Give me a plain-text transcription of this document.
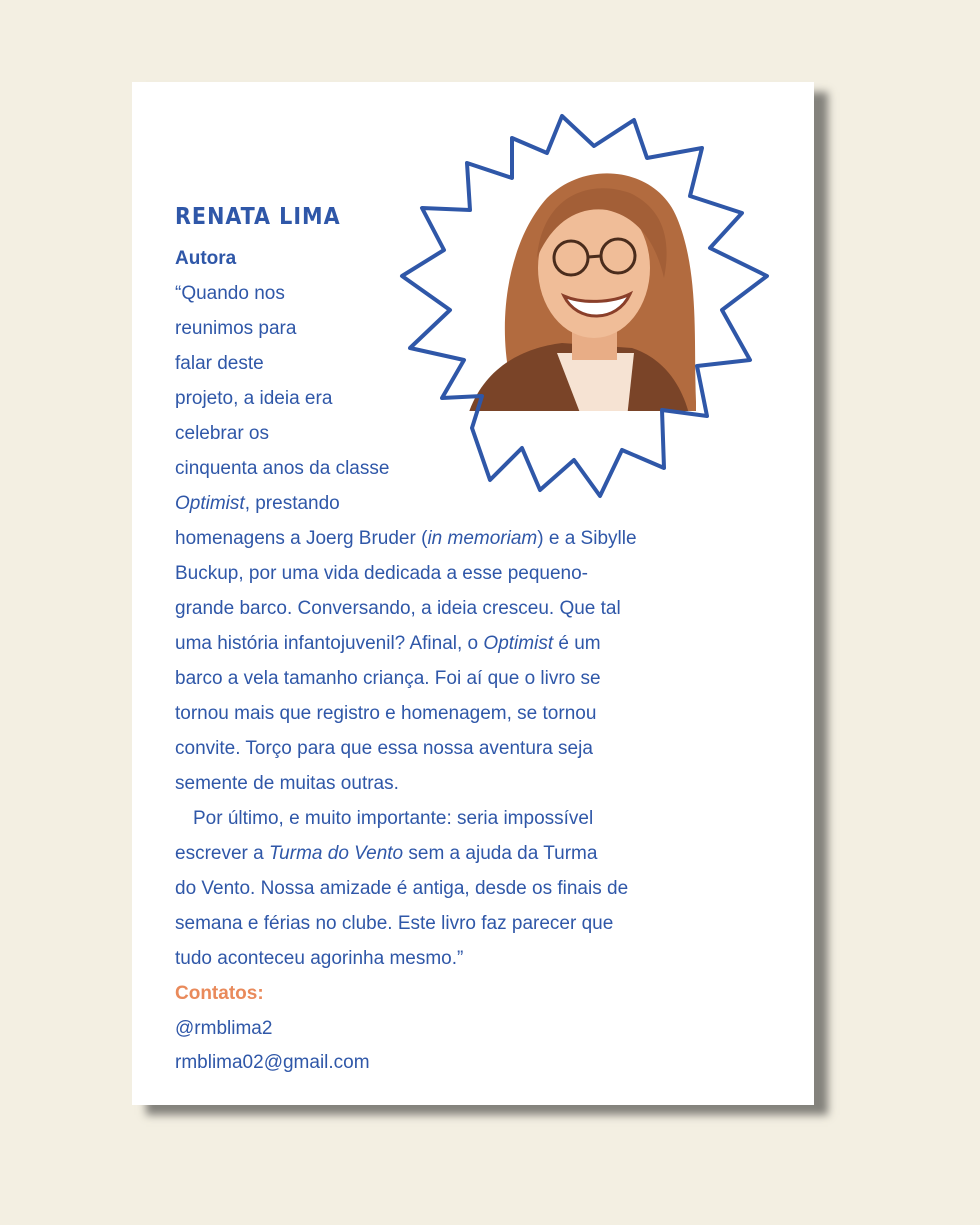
RENATA LIMA
Autora
“Quando nos
reunimos para
falar deste
projeto, a ideia era
celebrar os
cinquenta anos da classe
Optimist, prestando
homenagens a Joerg Bruder (in memoriam) e a Sibylle
Buckup, por uma vida dedicada a esse pequeno-
grande barco. Conversando, a ideia cresceu. Que tal
uma história infantojuvenil? Afinal, o Optimist é um
barco a vela tamanho criança. Foi aí que o livro se
tornou mais que registro e homenagem, se tornou
convite. Torço para que essa nossa aventura seja
semente de muitas outras.
Por último, e muito importante: seria impossível
escrever a Turma do Vento sem a ajuda da Turma
do Vento. Nossa amizade é antiga, desde os finais de
semana e férias no clube. Este livro faz parecer que
tudo aconteceu agorinha mesmo.”
Contatos:
@rmblima2
rmblima02@gmail.com
